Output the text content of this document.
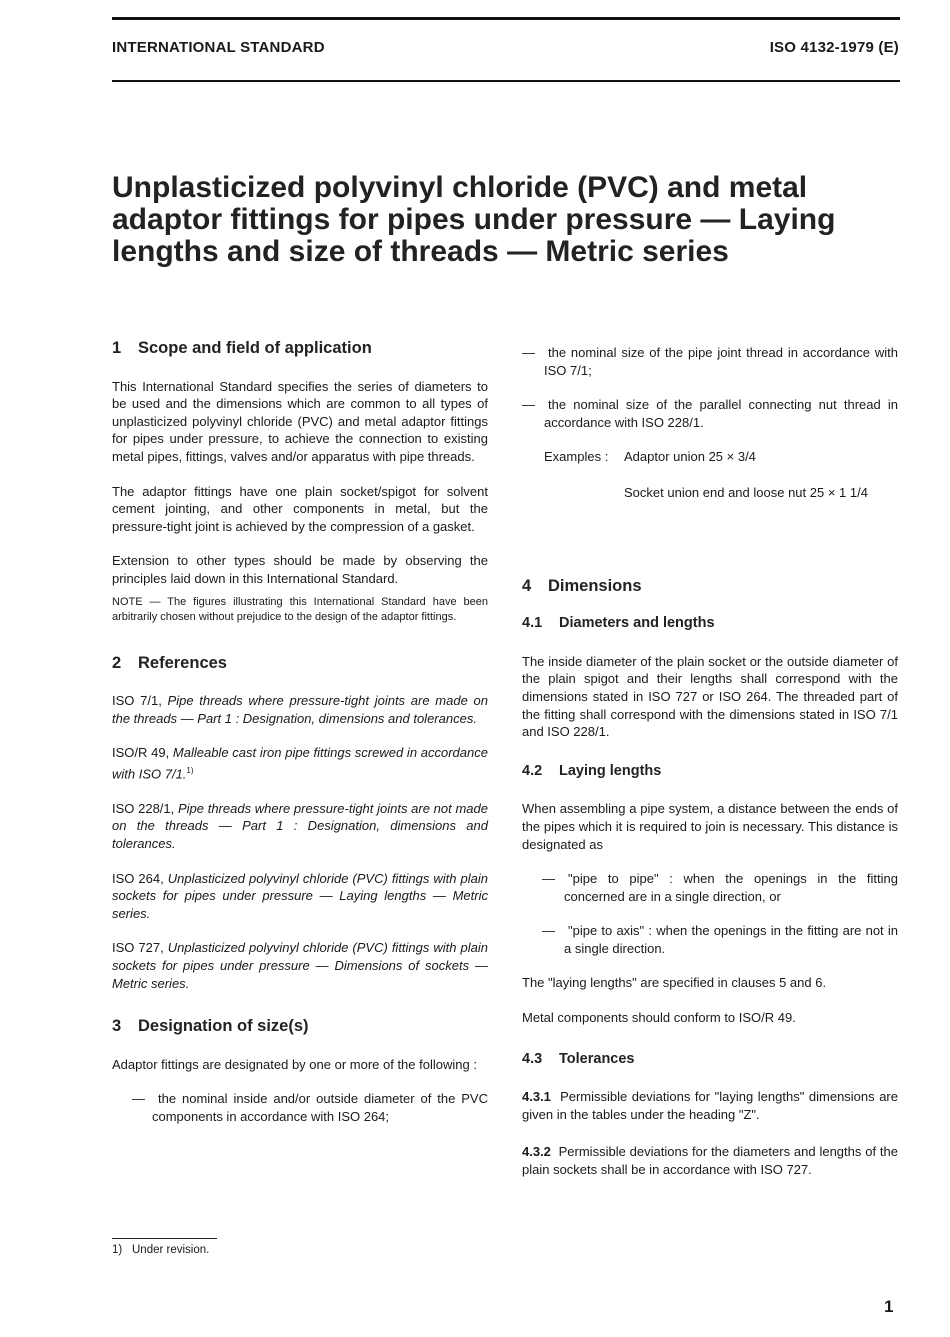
INTERNATIONAL STANDARD	ISO 4132-1979 (E)
Unplasticized polyvinyl chloride (PVC) and metal adaptor fittings for pipes under pressure — Laying lengths and size of threads — Metric series
1 Scope and field of application

This International Standard specifies the series of diameters to be used and the dimensions which are common to all types of unplasticized polyvinyl chloride (PVC) and metal adaptor fittings for pipes under pressure, to achieve the connection to existing metal pipes, fittings, valves and/or apparatus with pipe threads.

The adaptor fittings have one plain socket/spigot for solvent cement jointing, and other components in metal, but the pressure-tight joint is achieved by the compression of a gasket.

Extension to other types should be made by observing the principles laid down in this International Standard.

NOTE — The figures illustrating this International Standard have been arbitrarily chosen without prejudice to the design of the adaptor fittings.

2 References

ISO 7/1, Pipe threads where pressure-tight joints are made on the threads — Part 1 : Designation, dimensions and tolerances.

ISO/R 49, Malleable cast iron pipe fittings screwed in accordance with ISO 7/1.$^{1)}$

ISO 228/1, Pipe threads where pressure-tight joints are not made on the threads — Part 1 : Designation, dimensions and tolerances.

ISO 264, Unplasticized polyvinyl chloride (PVC) fittings with plain sockets for pipes under pressure — Laying lengths — Metric series.

ISO 727, Unplasticized polyvinyl chloride (PVC) fittings with plain sockets for pipes under pressure — Dimensions of sockets — Metric series.

3 Designation of size(s)

Adaptor fittings are designated by one or more of the following :

— the nominal inside and/or outside diameter of the PVC components in accordance with ISO 264;

— the nominal size of the pipe joint thread in accordance with ISO 7/1;

— the nominal size of the parallel connecting nut thread in accordance with ISO 228/1.

Examples : Adaptor union 25 × 3/4
Socket union end and loose nut 25 × 1 1/4
4 Dimensions
4.1 Diameters and lengths

The inside diameter of the plain socket or the outside diameter of the plain spigot and their lengths shall correspond with the dimensions stated in ISO 727 or ISO 264. The threaded part of the fitting shall correspond with the dimensions stated in ISO 7/1 and ISO 228/1.

4.2 Laying lengths

When assembling a pipe system, a distance between the ends of the pipes which it is required to join is necessary. This distance is designated as

— "pipe to pipe" : when the openings in the fitting concerned are in a single direction, or

— "pipe to axis" : when the openings in the fitting are not in a single direction.

The "laying lengths" are specified in clauses 5 and 6.

Metal components should conform to ISO/R 49.

4.3 Tolerances

4.3.1 Permissible deviations for "laying lengths" dimensions are given in the tables under the heading "Z".

4.3.2 Permissible deviations for the diameters and lengths of the plain sockets shall be in accordance with ISO 727.

1) Under revision.
1
